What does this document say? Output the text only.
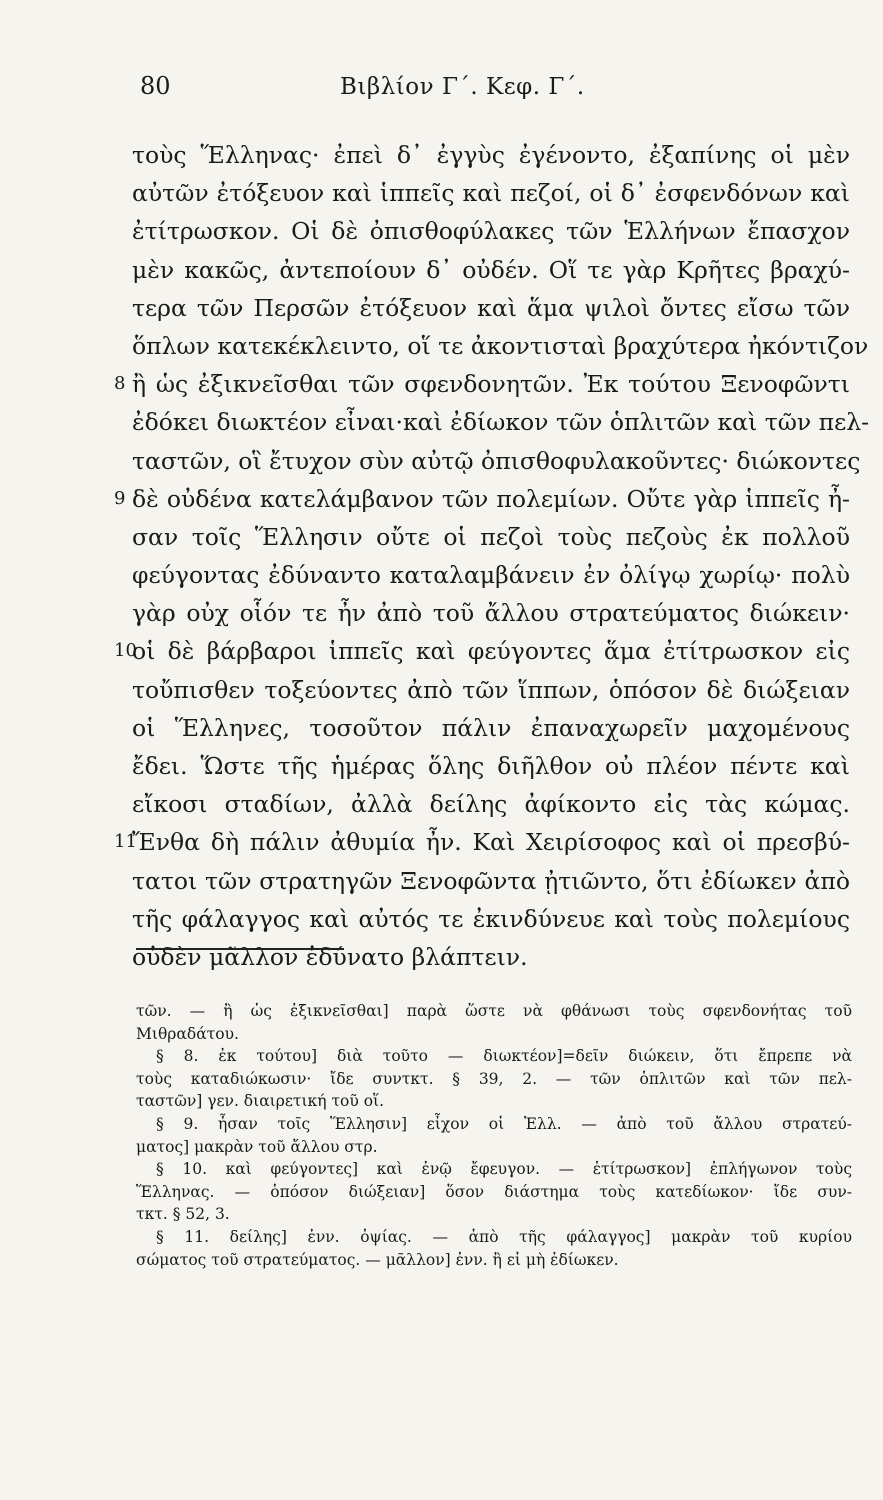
80	Βιβλίον Γ΄. Κεφ. Γ΄.
τοὺς Ἕλληνας· ἐπεὶ δ᾽ ἐγγὺς ἐγένοντο, ἐξαπίνης οἱ μὲν
αὐτῶν ἐτόξευον καὶ ἱππεῖς καὶ πεζοί, οἱ δ᾽ ἐσφενδόνων καὶ
ἐτίτρωσκον. Οἱ δὲ ὀπισθοφύλακες τῶν Ἑλλήνων ἔπασχον
μὲν κακῶς, ἀντεποίουν δ᾽ οὐδέν. Οἵ τε γὰρ Κρῆτες βραχύ-
τερα τῶν Περσῶν ἐτόξευον καὶ ἅμα ψιλοὶ ὄντες εἴσω τῶν
ὅπλων κατεκέκλειντο, οἵ τε ἀκοντισταὶ βραχύτερα ἠκόντιζον
8 ἢ ὡς ἐξικνεῖσθαι τῶν σφενδονητῶν. Ἐκ τούτου Ξενοφῶντι
ἐδόκει διωκτέον εἶναι·καὶ ἐδίωκον τῶν ὁπλιτῶν καὶ τῶν πελ-
ταστῶν, οἳ ἔτυχον σὺν αὐτῷ ὀπισθοφυλακοῦντες· διώκοντες
9 δὲ οὐδένα κατελάμβανον τῶν πολεμίων. Οὔτε γὰρ ἱππεῖς ἦ-
σαν τοῖς Ἕλλησιν οὔτε οἱ πεζοὶ τοὺς πεζοὺς ἐκ πολλοῦ
φεύγοντας ἐδύναντο καταλαμβάνειν ἐν ὀλίγῳ χωρίῳ· πολὺ
γὰρ οὐχ οἷόν τε ἦν ἀπὸ τοῦ ἄλλου στρατεύματος διώκειν·
10
οἱ δὲ βάρβαροι ἱππεῖς καὶ φεύγοντες ἅμα ἐτίτρωσκον εἰς
τοὔπισθεν τοξεύοντες ἀπὸ τῶν ἵππων, ὁπόσον δὲ διώξειαν
οἱ Ἕλληνες, τοσοῦτον πάλιν ἐπαναχωρεῖν μαχομένους
ἔδει. Ὥστε τῆς ἡμέρας ὅλης διῆλθον οὐ πλέον πέντε καὶ
εἴκοσι σταδίων, ἀλλὰ δείλης ἀφίκοντο εἰς τὰς κώμας.
11
Ἔνθα δὴ πάλιν ἀθυμία ἦν. Καὶ Χειρίσοφος καὶ οἱ πρεσβύ-
τατοι τῶν στρατηγῶν Ξενοφῶντα ᾐτιῶντο, ὅτι ἐδίωκεν ἀπὸ
τῆς φάλαγγος καὶ αὐτός τε ἐκινδύνευε καὶ τοὺς πολεμίους
οὐδὲν μᾶλλον ἐδύνατο βλάπτειν.
τῶν. — ἢ ὡς ἐξικνεῖσθαι] παρὰ ὥστε νὰ φθάνωσι τοὺς σφενδονήτας τοῦ
Μιθραδάτου.
§ 8. ἐκ τούτου] διὰ τοῦτο — διωκτέον]=δεῖν διώκειν, ὅτι ἔπρεπε νὰ
τοὺς καταδιώκωσιν· ἴδε συντκτ. § 39, 2. — τῶν ὁπλιτῶν καὶ τῶν πελ-
ταστῶν] γεν. διαιρετική τοῦ οἵ.
§ 9. ἦσαν τοῖς Ἕλλησιν] εἶχον οἱ Ἑλλ. — ἀπὸ τοῦ ἄλλου στρατεύ-
ματος] μακρὰν τοῦ ἄλλου στρ.
§ 10. καὶ φεύγοντες] καὶ ἐνῷ ἔφευγον. — ἐτίτρωσκον] ἐπλήγωνον τοὺς
Ἕλληνας. — ὁπόσον διώξειαν] ὅσον διάστημα τοὺς κατεδίωκον· ἴδε συν-
τκτ. § 52, 3.
§ 11. δείλης] ἐνν. ὀψίας. — ἀπὸ τῆς φάλαγγος] μακρὰν τοῦ κυρίου
σώματος τοῦ στρατεύματος. — μᾶλλον] ἐνν. ἢ εἰ μὴ ἐδίωκεν.
